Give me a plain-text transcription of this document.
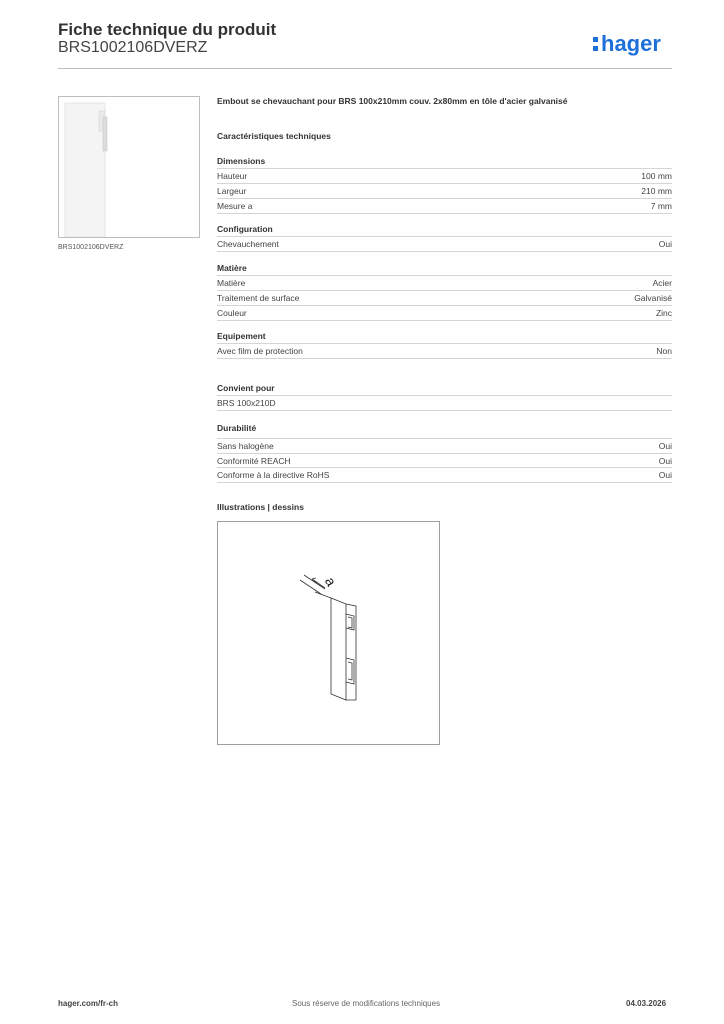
Fiche technique du produit
BRS1002106DVERZ	hager
BRS1002106DVERZ
Embout se chevauchant pour BRS 100x210mm couv. 2x80mm en tôle d'acier galvanisé
Caractéristiques techniques
Dimensions
Hauteur	100 mm
Largeur	210 mm
Mesure a	7 mm
Configuration
Chevauchement	Oui
Matière
Matière	Acier
Traitement de surface	Galvanisé
Couleur	Zinc
Equipement
Avec film de protection	Non
Convient pour
BRS 100x210D
Durabilité
Sans halogène	Oui
Conformité REACH	Oui
Conforme à la directive RoHS	Oui
Illustrations | dessins
a
hager.com/fr-ch	Sous réserve de modifications techniques	04.03.2026
